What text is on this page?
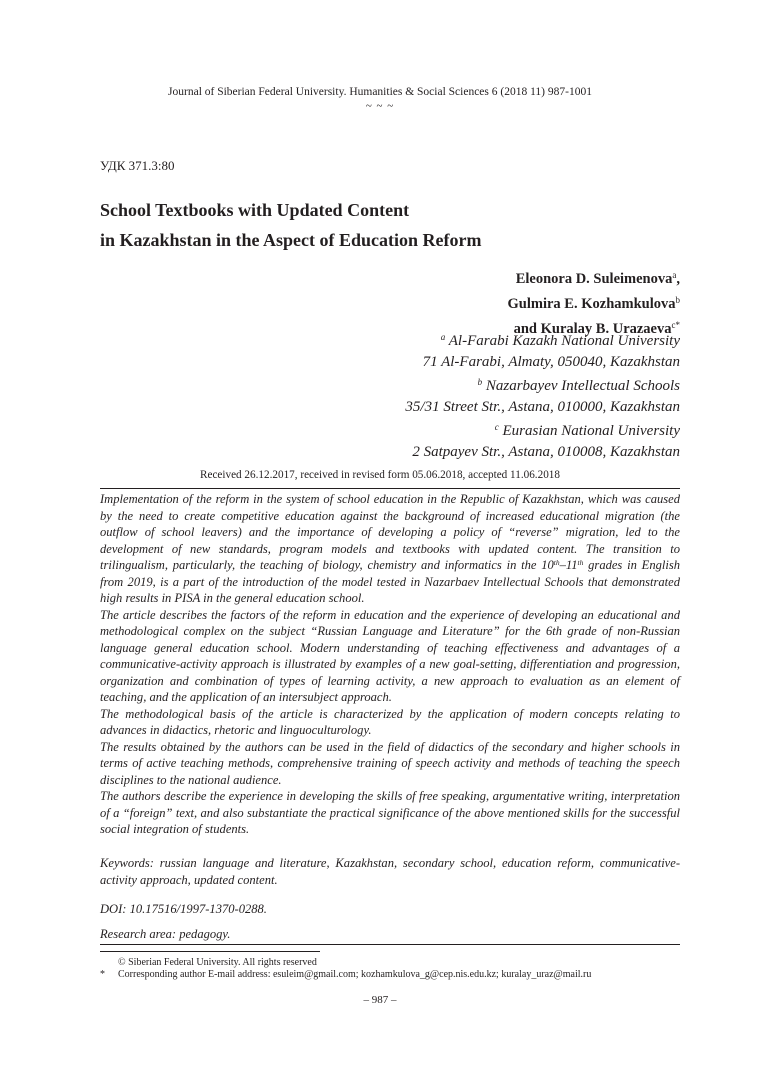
Journal of Siberian Federal University. Humanities & Social Sciences 6 (2018 11) 987-1001
~ ~ ~
УДК 371.3:80
School Textbooks with Updated Content
in Kazakhstan in the Aspect of Education Reform
Eleonora D. Suleimenova$^a$,
Gulmira E. Kozhamkulova$^b$
and Kuralay B. Urazaeva$^{c*}$
$^a$ Al-Farabi Kazakh National University
71 Al-Farabi, Almaty, 050040, Kazakhstan
$^b$ Nazarbayev Intellectual Schools
35/31 Street Str., Astana, 010000, Kazakhstan
$^c$ Eurasian National University
2 Satpayev Str., Astana, 010008, Kazakhstan
Received 26.12.2017, received in revised form 05.06.2018, accepted 11.06.2018

Implementation of the reform in the system of school education in the Republic of Kazakhstan, which was caused by the need to create competitive education against the background of increased educational migration (the outflow of school leavers) and the importance of developing a policy of “reverse” migration, led to the development of new standards, program models and textbooks with updated content. The transition to trilingualism, particularly, the teaching of biology, chemistry and informatics in the 10th–11th grades in English from 2019, is a part of the introduction of the model tested in Nazarbaev Intellectual Schools that demonstrated high results in PISA in the general education school.

The article describes the factors of the reform in education and the experience of developing an educational and methodological complex on the subject “Russian Language and Literature” for the 6th grade of non-Russian language general education school. Modern understanding of teaching effectiveness and advantages of a communicative-activity approach is illustrated by examples of a new goal-setting, differentiation and progression, organization and combination of types of learning activity, a new approach to evaluation as an element of teaching, and the application of an intersubject approach.

The methodological basis of the article is characterized by the application of modern concepts relating to advances in didactics, rhetoric and linguoculturology.

The results obtained by the authors can be used in the field of didactics of the secondary and higher schools in terms of active teaching methods, comprehensive training of speech activity and methods of teaching the speech disciplines to the national audience.

The authors describe the experience in developing the skills of free speaking, argumentative writing, interpretation of a “foreign” text, and also substantiate the practical significance of the above mentioned skills for the successful social integration of students.

Keywords: russian language and literature, Kazakhstan, secondary school, education reform, communicative-activity approach, updated content.
DOI: 10.17516/1997-1370-0288.
Research area: pedagogy.
© Siberian Federal University. All rights reserved
* Corresponding author E-mail address: esuleim@gmail.com; kozhamkulova_g@cep.nis.edu.kz; kuralay_uraz@mail.ru
– 987 –
